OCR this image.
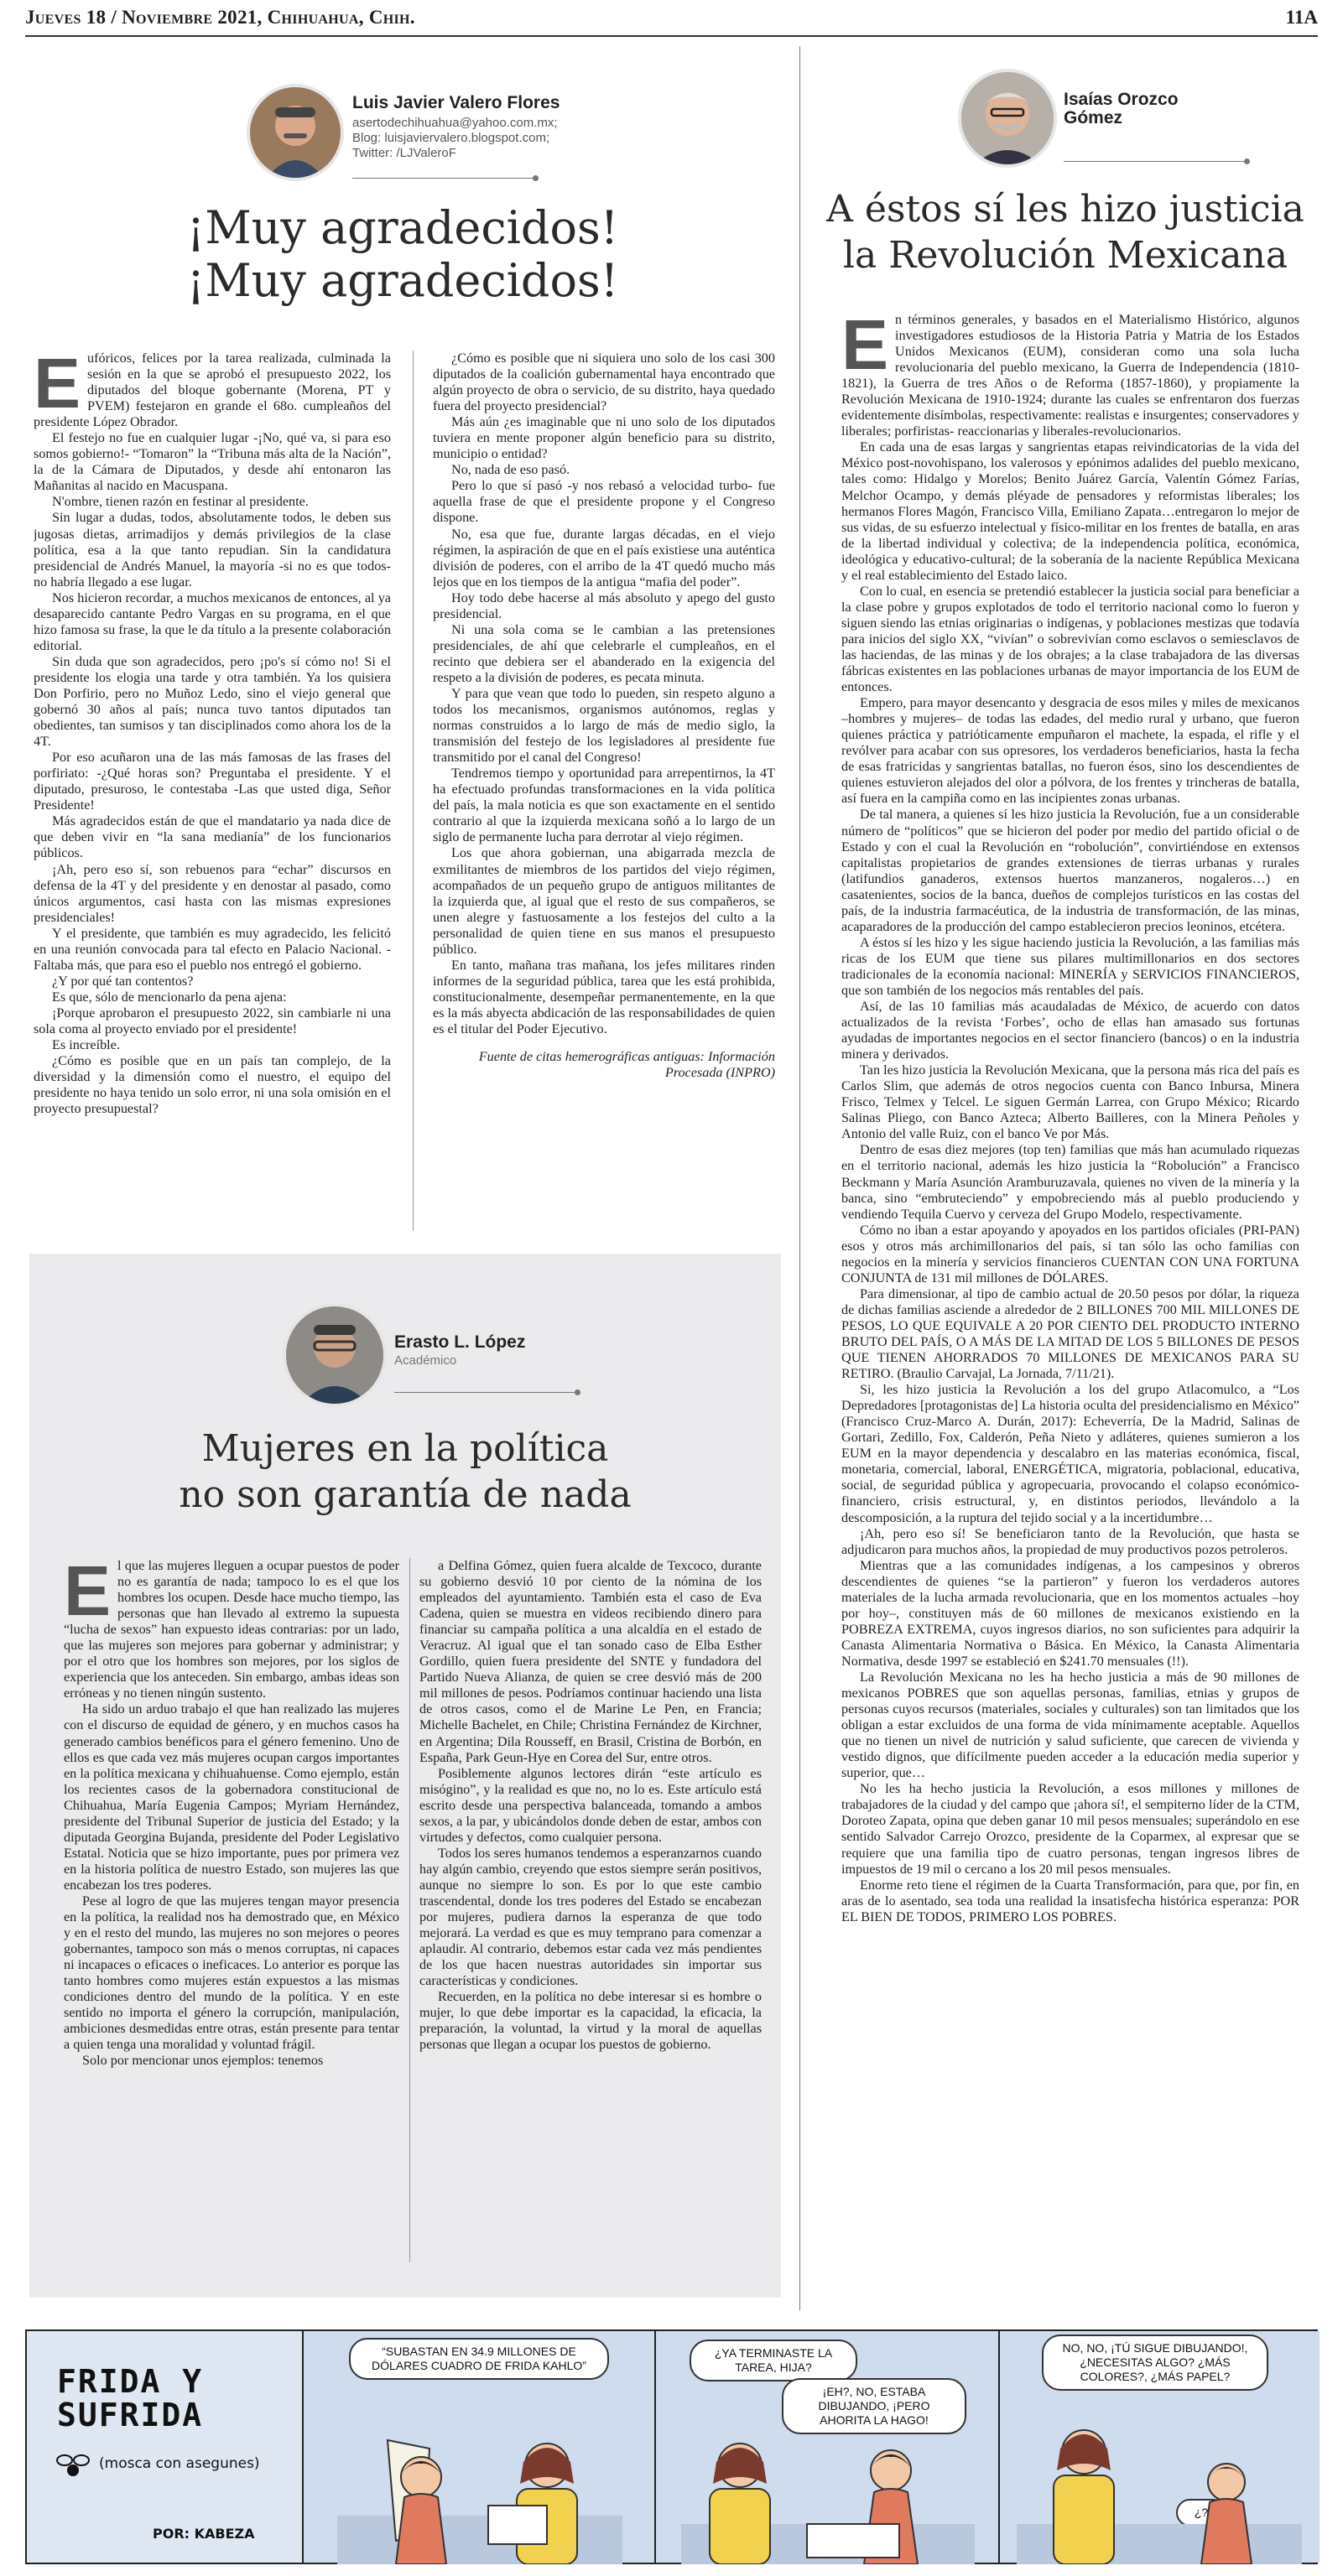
Jueves 18 / Noviembre 2021, Chihuahua, Chih.	11A
Luis Javier Valero Flores
asertodechihuahua@yahoo.com.mx;
Blog: luisjaviervalero.blogspot.com;
Twitter: /LJValeroF
¡Muy agradecidos!
¡Muy agradecidos!

Eufóricos, felices por la tarea realizada, culminada la sesión en la que se aprobó el presupuesto 2022, los diputados del bloque gobernante (Morena, PT y PVEM) festejaron en grande el 68o. cumpleaños del presidente López Obrador.

El festejo no fue en cualquier lugar -¡No, qué va, si para eso somos gobierno!- “Tomaron” la “Tribuna más alta de la Nación”, la de la Cámara de Diputados, y desde ahí entonaron las Mañanitas al nacido en Macuspana.

N'ombre, tienen razón en festinar al presidente.

Sin lugar a dudas, todos, absolutamente todos, le deben sus jugosas dietas, arrimadijos y demás privilegios de la clase política, esa a la que tanto repudian. Sin la candidatura presidencial de Andrés Manuel, la mayoría -si no es que todos- no habría llegado a ese lugar.

Nos hicieron recordar, a muchos mexicanos de entonces, al ya desaparecido cantante Pedro Vargas en su programa, en el que hizo famosa su frase, la que le da título a la presente colaboración editorial.

Sin duda que son agradecidos, pero ¡po's sí cómo no! Si el presidente los elogia una tarde y otra también. Ya los quisiera Don Porfirio, pero no Muñoz Ledo, sino el viejo general que gobernó 30 años al país; nunca tuvo tantos diputados tan obedientes, tan sumisos y tan disciplinados como ahora los de la 4T.

Por eso acuñaron una de las más famosas de las frases del porfiriato: -¿Qué horas son? Preguntaba el presidente. Y el diputado, presuroso, le contestaba -Las que usted diga, Señor Presidente!

Más agradecidos están de que el mandatario ya nada dice de que deben vivir en “la sana medianía” de los funcionarios públicos.

¡Ah, pero eso sí, son rebuenos para “echar” discursos en defensa de la 4T y del presidente y en denostar al pasado, como únicos argumentos, casi hasta con las mismas expresiones presidenciales!

Y el presidente, que también es muy agradecido, les felicitó en una reunión convocada para tal efecto en Palacio Nacional. -Faltaba más, que para eso el pueblo nos entregó el gobierno.

¿Y por qué tan contentos?

Es que, sólo de mencionarlo da pena ajena:

¡Porque aprobaron el presupuesto 2022, sin cambiarle ni una sola coma al proyecto enviado por el presidente!

Es increíble.

¿Cómo es posible que en un país tan complejo, de la diversidad y la dimensión como el nuestro, el equipo del presidente no haya tenido un solo error, ni una sola omisión en el proyecto presupuestal?

¿Cómo es posible que ni siquiera uno solo de los casi 300 diputados de la coalición gubernamental haya encontrado que algún proyecto de obra o servicio, de su distrito, haya quedado fuera del proyecto presidencial?

Más aún ¿es imaginable que ni uno solo de los diputados tuviera en mente proponer algún beneficio para su distrito, municipio o entidad?

No, nada de eso pasó.

Pero lo que sí pasó -y nos rebasó a velocidad turbo- fue aquella frase de que el presidente propone y el Congreso dispone.

No, esa que fue, durante largas décadas, en el viejo régimen, la aspiración de que en el país existiese una auténtica división de poderes, con el arribo de la 4T quedó mucho más lejos que en los tiempos de la antigua “mafia del poder”.

Hoy todo debe hacerse al más absoluto y apego del gusto presidencial.

Ni una sola coma se le cambian a las pretensiones presidenciales, de ahí que celebrarle el cumpleaños, en el recinto que debiera ser el abanderado en la exigencia del respeto a la división de poderes, es pecata minuta.

Y para que vean que todo lo pueden, sin respeto alguno a todos los mecanismos, organismos autónomos, reglas y normas construidos a lo largo de más de medio siglo, la transmisión del festejo de los legisladores al presidente fue transmitido por el canal del Congreso!

Tendremos tiempo y oportunidad para arrepentirnos, la 4T ha efectuado profundas transformaciones en la vida política del país, la mala noticia es que son exactamente en el sentido contrario al que la izquierda mexicana soñó a lo largo de un siglo de permanente lucha para derrotar al viejo régimen.

Los que ahora gobiernan, una abigarrada mezcla de exmilitantes de miembros de los partidos del viejo régimen, acompañados de un pequeño grupo de antiguos militantes de la izquierda que, al igual que el resto de sus compañeros, se unen alegre y fastuosamente a los festejos del culto a la personalidad de quien tiene en sus manos el presupuesto público.

En tanto, mañana tras mañana, los jefes militares rinden informes de la seguridad pública, tarea que les está prohibida, constitucionalmente, desempeñar permanentemente, en la que es la más abyecta abdicación de las responsabilidades de quien es el titular del Poder Ejecutivo.

Fuente de citas hemerográficas antiguas: Información Procesada (INPRO)

Erasto L. López
Académico
Mujeres en la política
no son garantía de nada

El que las mujeres lleguen a ocupar puestos de poder no es garantía de nada; tampoco lo es el que los hombres los ocupen. Desde hace mucho tiempo, las personas que han llevado al extremo la supuesta “lucha de sexos” han expuesto ideas contrarias: por un lado, que las mujeres son mejores para gobernar y administrar; y por el otro que los hombres son mejores, por los siglos de experiencia que los anteceden. Sin embargo, ambas ideas son erróneas y no tienen ningún sustento.

Ha sido un arduo trabajo el que han realizado las mujeres con el discurso de equidad de género, y en muchos casos ha generado cambios benéficos para el género femenino. Uno de ellos es que cada vez más mujeres ocupan cargos importantes en la política mexicana y chihuahuense. Como ejemplo, están los recientes casos de la gobernadora constitucional de Chihuahua, María Eugenia Campos; Myriam Hernández, presidente del Tribunal Superior de justicia del Estado; y la diputada Georgina Bujanda, presidente del Poder Legislativo Estatal. Noticia que se hizo importante, pues por primera vez en la historia política de nuestro Estado, son mujeres las que encabezan los tres poderes.

Pese al logro de que las mujeres tengan mayor presencia en la política, la realidad nos ha demostrado que, en México y en el resto del mundo, las mujeres no son mejores o peores gobernantes, tampoco son más o menos corruptas, ni capaces ni incapaces o eficaces o ineficaces. Lo anterior es porque las tanto hombres como mujeres están expuestos a las mismas condiciones dentro del mundo de la política. Y en este sentido no importa el género la corrupción, manipulación, ambiciones desmedidas entre otras, están presente para tentar a quien tenga una moralidad y voluntad frágil.

Solo por mencionar unos ejemplos: tenemos

a Delfina Gómez, quien fuera alcalde de Texcoco, durante su gobierno desvió 10 por ciento de la nómina de los empleados del ayuntamiento. También esta el caso de Eva Cadena, quien se muestra en videos recibiendo dinero para financiar su campaña política a una alcaldía en el estado de Veracruz. Al igual que el tan sonado caso de Elba Esther Gordillo, quien fuera presidente del SNTE y fundadora del Partido Nueva Alianza, de quien se cree desvió más de 200 mil millones de pesos. Podríamos continuar haciendo una lista de otros casos, como el de Marine Le Pen, en Francia; Michelle Bachelet, en Chile; Christina Fernández de Kirchner, en Argentina; Dila Rousseff, en Brasil, Cristina de Borbón, en España, Park Geun-Hye en Corea del Sur, entre otros.

Posiblemente algunos lectores dirán “este artículo es misógino”, y la realidad es que no, no lo es. Este artículo está escrito desde una perspectiva balanceada, tomando a ambos sexos, a la par, y ubicándolos donde deben de estar, ambos con virtudes y defectos, como cualquier persona.

Todos los seres humanos tendemos a esperanzarnos cuando hay algún cambio, creyendo que estos siempre serán positivos, aunque no siempre lo son. Es por lo que este cambio trascendental, donde los tres poderes del Estado se encabezan por mujeres, pudiera darnos la esperanza de que todo mejorará. La verdad es que es muy temprano para comenzar a aplaudir. Al contrario, debemos estar cada vez más pendientes de los que hacen nuestras autoridades sin importar sus características y condiciones.

Recuerden, en la política no debe interesar si es hombre o mujer, lo que debe importar es la capacidad, la eficacia, la preparación, la voluntad, la virtud y la moral de aquellas personas que llegan a ocupar los puestos de gobierno.

Isaías Orozco
Gómez
A éstos sí les hizo justicia
la Revolución Mexicana

En términos generales, y basados en el Materialismo Histórico, algunos investigadores estudiosos de la Historia Patria y Matria de los Estados Unidos Mexicanos (EUM), consideran como una sola lucha revolucionaria del pueblo mexicano, la Guerra de Independencia (1810-1821), la Guerra de tres Años o de Reforma (1857-1860), y propiamente la Revolución Mexicana de 1910-1924; durante las cuales se enfrentaron dos fuerzas evidentemente disímbolas, respectivamente: realistas e insurgentes; conservadores y liberales; porfiristas- reaccionarias y liberales-revolucionarios.

En cada una de esas largas y sangrientas etapas reivindicatorias de la vida del México post-novohispano, los valerosos y epónimos adalides del pueblo mexicano, tales como: Hidalgo y Morelos; Benito Juárez García, Valentín Gómez Farías, Melchor Ocampo, y demás pléyade de pensadores y reformistas liberales; los hermanos Flores Magón, Francisco Villa, Emiliano Zapata…entregaron lo mejor de sus vidas, de su esfuerzo intelectual y físico-militar en los frentes de batalla, en aras de la libertad individual y colectiva; de la independencia política, económica, ideológica y educativo-cultural; de la soberanía de la naciente República Mexicana y el real establecimiento del Estado laico.

Con lo cual, en esencia se pretendió establecer la justicia social para beneficiar a la clase pobre y grupos explotados de todo el territorio nacional como lo fueron y siguen siendo las etnias originarias o indígenas, y poblaciones mestizas que todavía para inicios del siglo XX, “vivían” o sobrevivían como esclavos o semiesclavos de las haciendas, de las minas y de los obrajes; a la clase trabajadora de las diversas fábricas existentes en las poblaciones urbanas de mayor importancia de los EUM de entonces.

Empero, para mayor desencanto y desgracia de esos miles y miles de mexicanos –hombres y mujeres– de todas las edades, del medio rural y urbano, que fueron quienes práctica y patrióticamente empuñaron el machete, la espada, el rifle y el revólver para acabar con sus opresores, los verdaderos beneficiarios, hasta la fecha de esas fratricidas y sangrientas batallas, no fueron ésos, sino los descendientes de quienes estuvieron alejados del olor a pólvora, de los frentes y trincheras de batalla, así fuera en la campiña como en las incipientes zonas urbanas.

De tal manera, a quienes sí les hizo justicia la Revolución, fue a un considerable número de “políticos” que se hicieron del poder por medio del partido oficial o de Estado y con el cual la Revolución en “robolución”, convirtiéndose en extensos capitalistas propietarios de grandes extensiones de tierras urbanas y rurales (latifundios ganaderos, extensos huertos manzaneros, nogaleros…) en casatenientes, socios de la banca, dueños de complejos turísticos en las costas del país, de la industria farmacéutica, de la industria de transformación, de las minas, acaparadores de la producción del campo establecieron precios leoninos, etcétera.

A éstos sí les hizo y les sigue haciendo justicia la Revolución, a las familias más ricas de los EUM que tiene sus pilares multimillonarios en dos sectores tradicionales de la economía nacional: MINERÍA y SERVICIOS FINANCIEROS, que son también de los negocios más rentables del país.

Así, de las 10 familias más acaudaladas de México, de acuerdo con datos actualizados de la revista ‘Forbes’, ocho de ellas han amasado sus fortunas ayudadas de importantes negocios en el sector financiero (bancos) o en la industria minera y derivados.

Tan les hizo justicia la Revolución Mexicana, que la persona más rica del país es Carlos Slim, que además de otros negocios cuenta con Banco Inbursa, Minera Frisco, Telmex y Telcel. Le siguen Germán Larrea, con Grupo México; Ricardo Salinas Pliego, con Banco Azteca; Alberto Bailleres, con la Minera Peñoles y Antonio del valle Ruiz, con el banco Ve por Más.

Dentro de esas diez mejores (top ten) familias que más han acumulado riquezas en el territorio nacional, además les hizo justicia la “Robolución” a Francisco Beckmann y María Asunción Aramburuzavala, quienes no viven de la minería y la banca, sino “embruteciendo” y empobreciendo más al pueblo produciendo y vendiendo Tequila Cuervo y cerveza del Grupo Modelo, respectivamente.

Cómo no iban a estar apoyando y apoyados en los partidos oficiales (PRI-PAN) esos y otros más archimillonarios del país, si tan sólo las ocho familias con negocios en la minería y servicios financieros CUENTAN CON UNA FORTUNA CONJUNTA de 131 mil millones de DÓLARES.

Para dimensionar, al tipo de cambio actual de 20.50 pesos por dólar, la riqueza de dichas familias asciende a alrededor de 2 BILLONES 700 MIL MILLONES DE PESOS, LO QUE EQUIVALE A 20 POR CIENTO DEL PRODUCTO INTERNO BRUTO DEL PAÍS, O A MÁS DE LA MITAD DE LOS 5 BILLONES DE PESOS QUE TIENEN AHORRADOS 70 MILLONES DE MEXICANOS PARA SU RETIRO. (Braulio Carvajal, La Jornada, 7/11/21).

Si, les hizo justicia la Revolución a los del grupo Atlacomulco, a “Los Depredadores [protagonistas de] La historia oculta del presidencialismo en México” (Francisco Cruz-Marco A. Durán, 2017): Echeverría, De la Madrid, Salinas de Gortari, Zedillo, Fox, Calderón, Peña Nieto y adláteres, quienes sumieron a los EUM en la mayor dependencia y descalabro en las materias económica, fiscal, monetaria, comercial, laboral, ENERGÉTICA, migratoria, poblacional, educativa, social, de seguridad pública y agropecuaria, provocando el colapso económico-financiero, crisis estructural, y, en distintos periodos, llevándolo a la descomposición, a la ruptura del tejido social y a la incertidumbre…

¡Ah, pero eso sí! Se beneficiaron tanto de la Revolución, que hasta se adjudicaron para muchos años, la propiedad de muy productivos pozos petroleros.

Mientras que a las comunidades indígenas, a los campesinos y obreros descendientes de quienes “se la partieron” y fueron los verdaderos autores materiales de la lucha armada revolucionaria, que en los momentos actuales –hoy por hoy–, constituyen más de 60 millones de mexicanos existiendo en la POBREZA EXTREMA, cuyos ingresos diarios, no son suficientes para adquirir la Canasta Alimentaria Normativa o Básica. En México, la Canasta Alimentaria Normativa, desde 1997 se estableció en $241.70 mensuales (!!).

La Revolución Mexicana no les ha hecho justicia a más de 90 millones de mexicanos POBRES que son aquellas personas, familias, etnias y grupos de personas cuyos recursos (materiales, sociales y culturales) son tan limitados que los obligan a estar excluidos de una forma de vida mínimamente aceptable. Aquellos que no tienen un nivel de nutrición y salud suficiente, que carecen de vivienda y vestido dignos, que difícilmente pueden acceder a la educación media superior y superior, que…

No les ha hecho justicia la Revolución, a esos millones y millones de trabajadores de la ciudad y del campo que ¡ahora sí!, el sempiterno líder de la CTM, Doroteo Zapata, opina que deben ganar 10 mil pesos mensuales; superándolo en ese sentido Salvador Carrejo Orozco, presidente de la Coparmex, al expresar que se requiere que una familia tipo de cuatro personas, tengan ingresos libres de impuestos de 19 mil o cercano a los 20 mil pesos mensuales.

Enorme reto tiene el régimen de la Cuarta Transformación, para que, por fin, en aras de lo asentado, sea toda una realidad la insatisfecha histórica esperanza: POR EL BIEN DE TODOS, PRIMERO LOS POBRES.

FRIDA Y
SUFRIDA
(mosca con asegunes)
POR: KABEZA
“SUBASTAN EN 34.9 MILLONES DE DÓLARES CUADRO DE FRIDA KAHLO”
¿YA TERMINASTE LA TAREA, HIJA?
¡EH?, NO, ESTABA DIBUJANDO, ¡PERO AHORITA LA HAGO!
NO, NO, ¡TÚ SIGUE DIBUJANDO!, ¿NECESITAS ALGO? ¿MÁS COLORES?, ¿MÁS PAPEL?
¿?
